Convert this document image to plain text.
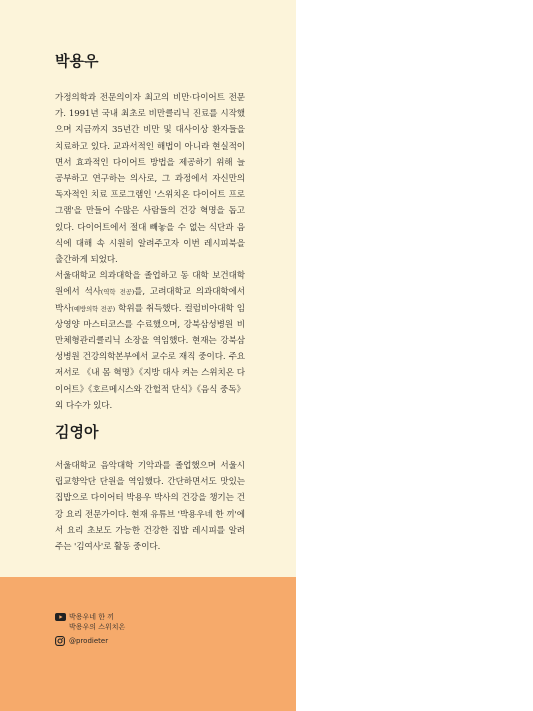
박용우

가정의학과 전문의이자 최고의 비만·다이어트 전문가. 1991년 국내 최초로 비만클리닉 진료를 시작했으며 지금까지 35년간 비만 및 대사이상 환자들을 치료하고 있다. 교과서적인 해법이 아니라 현실적이면서 효과적인 다이어트 방법을 제공하기 위해 늘 공부하고 연구하는 의사로, 그 과정에서 자신만의 독자적인 치료 프로그램인 '스위치온 다이어트 프로그램'을 만들어 수많은 사람들의 건강 혁명을 돕고 있다. 다이어트에서 절대 빼놓을 수 없는 식단과 음식에 대해 속 시원히 알려주고자 이번 레시피북을 출간하게 되었다.

서울대학교 의과대학을 졸업하고 동 대학 보건대학원에서 석사(역학 전공)를, 고려대학교 의과대학에서 박사(예방의학 전공) 학위를 취득했다. 컬럼비아대학 임상영양 마스터코스를 수료했으며, 강북삼성병원 비만체형관리클리닉 소장을 역임했다. 현재는 강북삼성병원 건강의학본부에서 교수로 재직 중이다. 주요 저서로 《내 몸 혁명》《지방 대사 켜는 스위치온 다이어트》《호르메시스와 간헐적 단식》《음식 중독》 외 다수가 있다.

김영아

서울대학교 음악대학 기악과를 졸업했으며 서울시립교향악단 단원을 역임했다. 간단하면서도 맛있는 집밥으로 다이어터 박용우 박사의 건강을 챙기는 건강 요리 전문가이다. 현재 유튜브 '박용우네 한 끼'에서 요리 초보도 가능한 건강한 집밥 레시피를 알려 주는 '김여사'로 활동 중이다.

박용우네 한 끼
박용우의 스위치온
@prodieter
